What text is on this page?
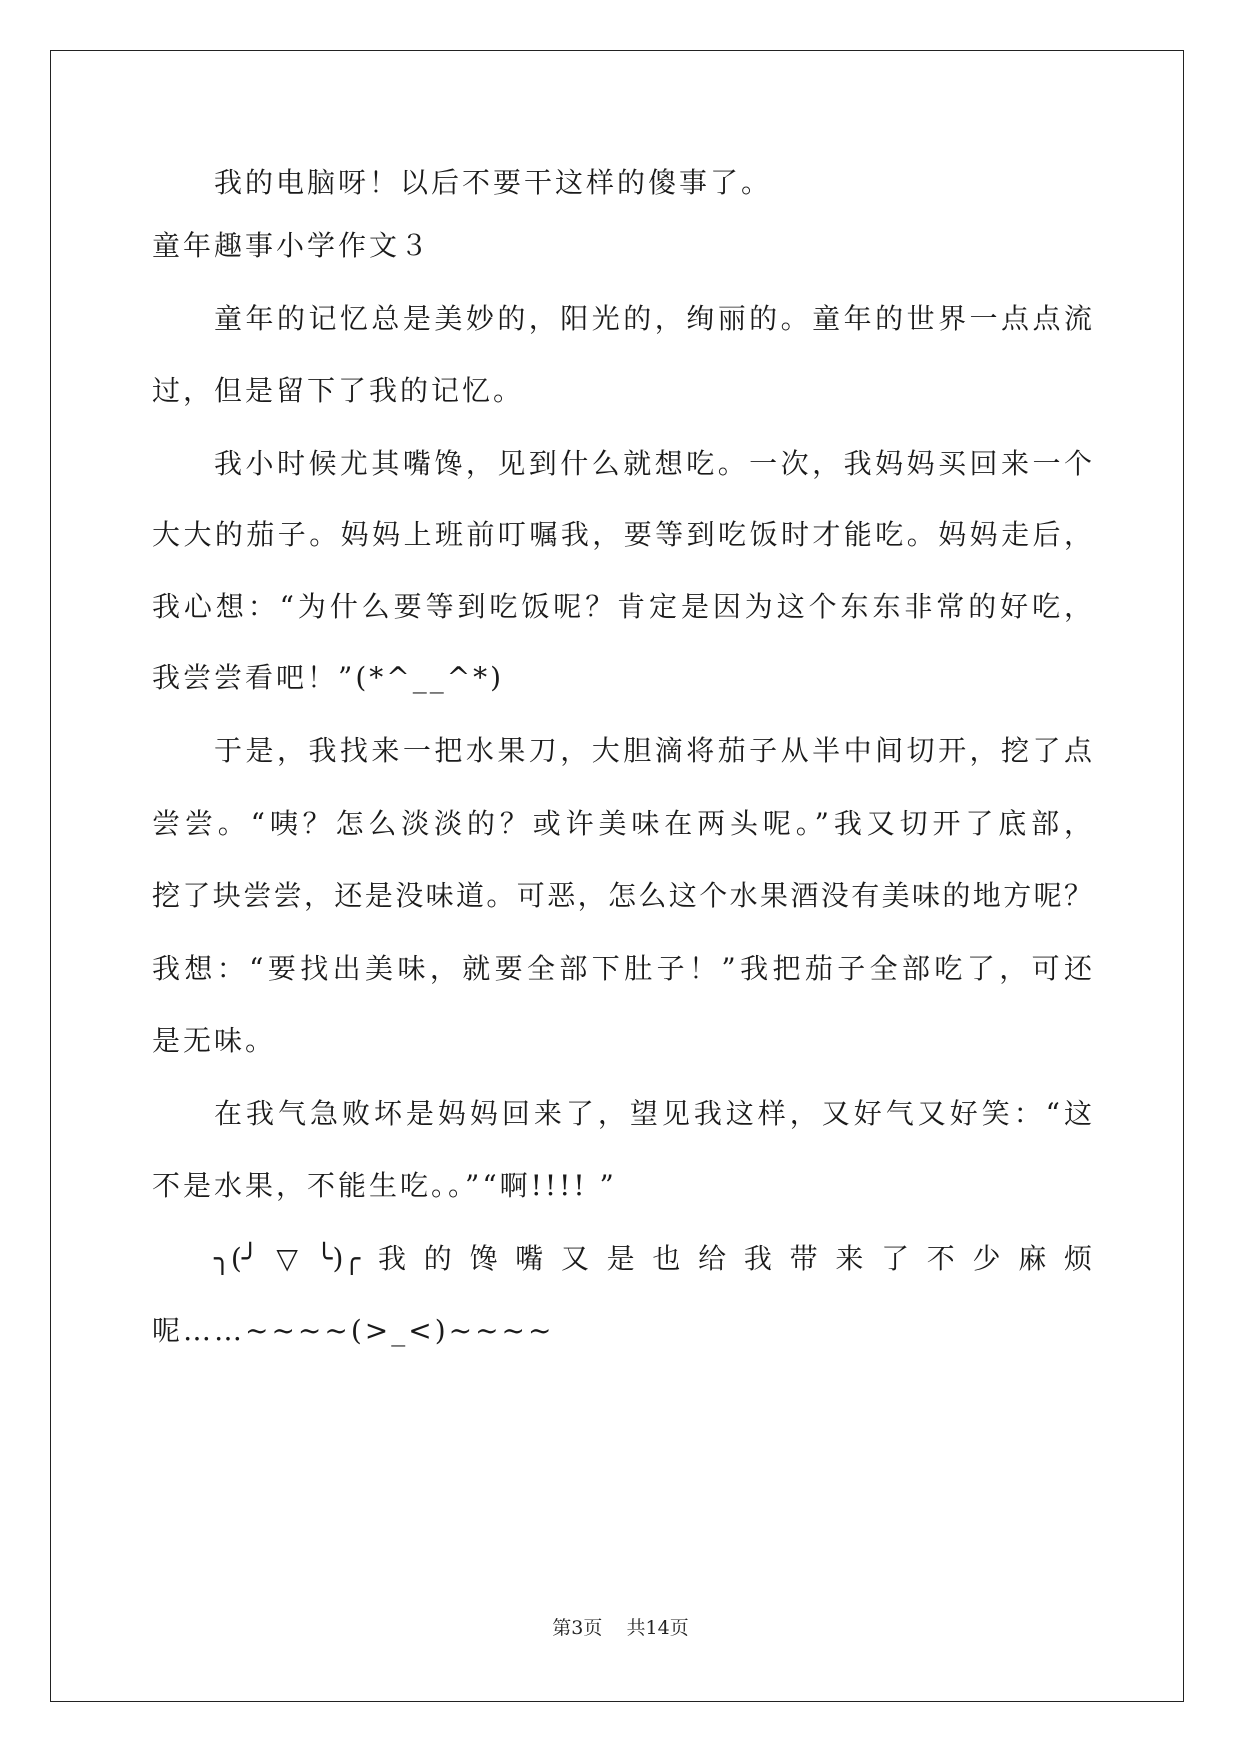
我的电脑呀！以后不要干这样的傻事了。
童年趣事小学作文３
童年的记忆总是美妙的，阳光的，绚丽的。童年的世界一点点流
过，但是留下了我的记忆。
我小时候尤其嘴馋，见到什么就想吃。一次，我妈妈买回来一个
大大的茄子。妈妈上班前叮嘱我，要等到吃饭时才能吃。妈妈走后，
我心想：“为什么要等到吃饭呢？肯定是因为这个东东非常的好吃，
我尝尝看吧！”(*^__^*)
于是，我找来一把水果刀，大胆滴将茄子从半中间切开，挖了点
尝尝。“咦？怎么淡淡的？或许美味在两头呢。”我又切开了底部，
挖了块尝尝，还是没味道。可恶，怎么这个水果酒没有美味的地方呢？
我想：“要找出美味，就要全部下肚子！”我把茄子全部吃了，可还
是无味。
在我气急败坏是妈妈回来了，望见我这样，又好气又好笑：“这
不是水果，不能生吃。。”“啊!!!! ”
╮(╯▽╰)╭我的馋嘴又是也给我带来了不少麻烦
呢……~~~~(>_<)~~~~
第3页 共14页
